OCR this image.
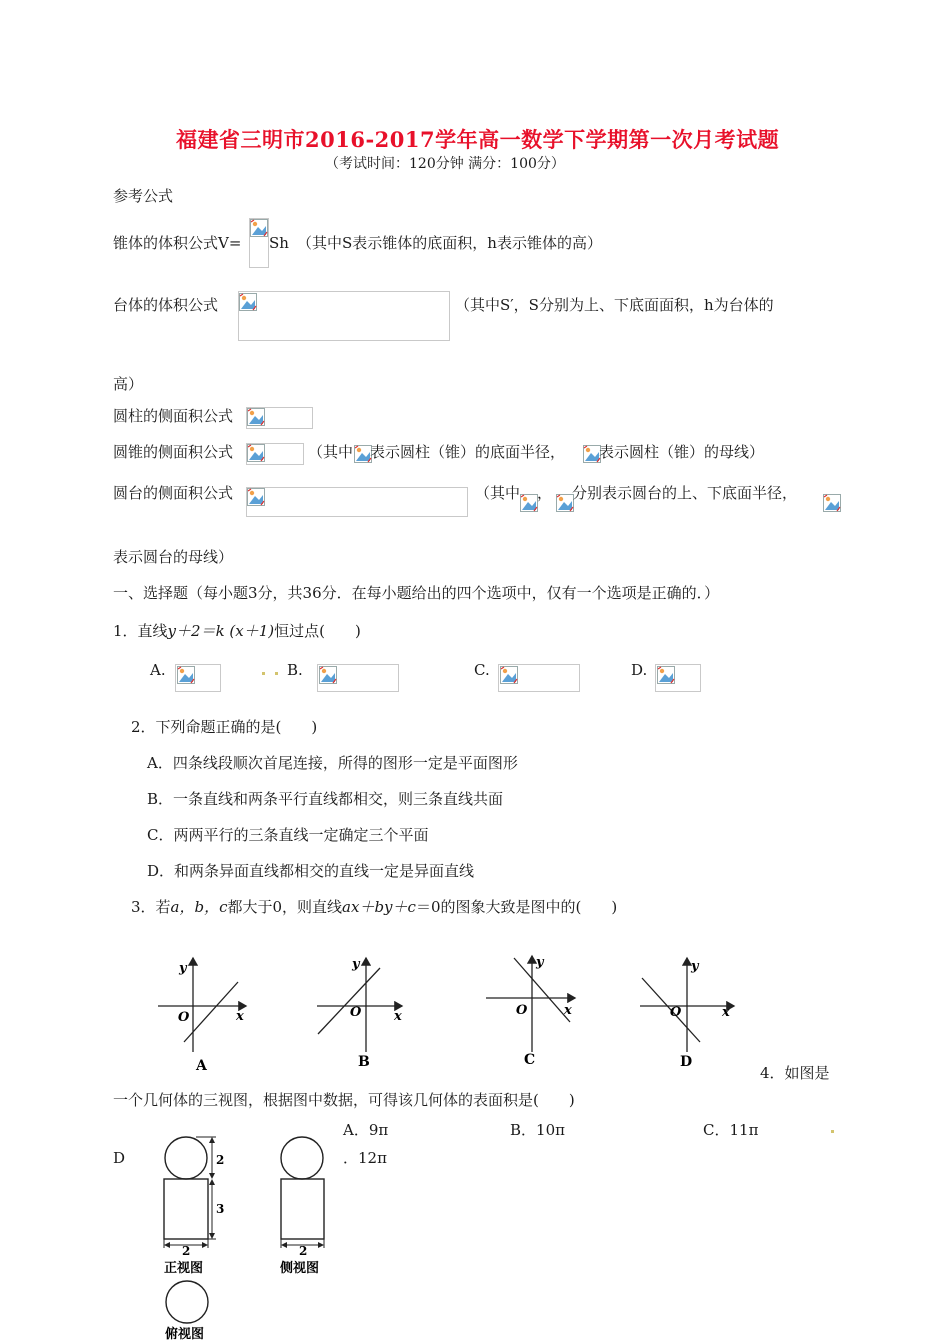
福建省三明市2016-2017学年高一数学下学期第一次月考试题
（考试时间：120分钟 满分：100分）
参考公式
锥体的体积公式V= Sh （其中S表示锥体的底面积，h表示锥体的高）
台体的体积公式	（其中S′，S分别为上、下底面面积，h为台体的
高）
圆柱的侧面积公式
圆锥的侧面积公式	（其中 表示圆柱（锥）的底面半径， 表示圆柱（锥）的母线）
圆台的侧面积公式	（其中 ， 分别表示圆台的上、下底面半径，
表示圆台的母线）
一、选择题（每小题3分，共36分．在每小题给出的四个选项中，仅有一个选项是正确的．）
1．直线y＋2＝k (x＋1)恒过点(　　)
A.	B.	C.	D.
2．下列命题正确的是(　　)
A．四条线段顺次首尾连接，所得的图形一定是平面图形
B．一条直线和两条平行直线都相交，则三条直线共面
C．两两平行的三条直线一定确定三个平面
D．和两条异面直线都相交的直线一定是异面直线
3．若a，b，c都大于0，则直线ax＋by＋c＝0的图象大致是图中的(　　)
y
x
O
A
y
x
O
B
y
x
O
C
y
x
O
D
4．如图是
一个几何体的三视图，根据图中数据，可得该几何体的表面积是(　　)
A．9π	B．10π	C．11π
D	．12π
2
3
2
正视图
2
侧视图
俯视图
